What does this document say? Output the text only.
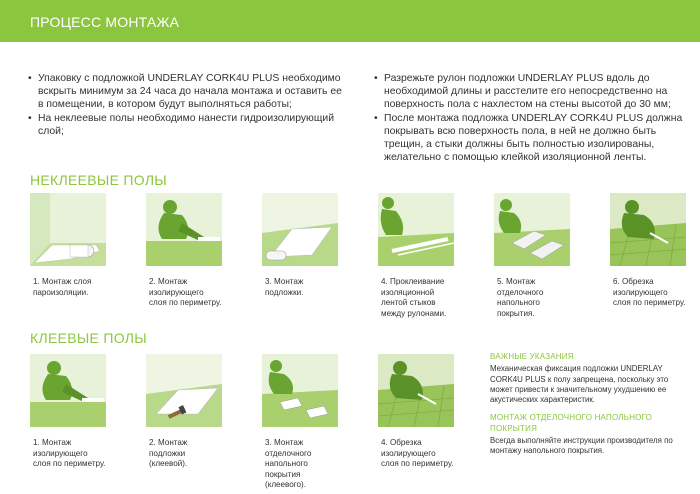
ПРОЦЕСС МОНТАЖА
• Упаковку с подложкой UNDERLAY CORK4U PLUS необходимо вскрыть минимум за 24 часа до начала монтажа и оставить ее в помещении, в котором будут выполняться работы;
• На неклеевые полы необходимо нанести гидроизолирующий слой;
• Разрежьте рулон подложки UNDERLAY PLUS вдоль до необходимой длины и расстелите его непосредственно на поверхность пола с нахлестом на стены высотой до 30 мм;
• После монтажа подложка UNDERLAY CORK4U PLUS должна покрывать всю поверхность пола, в ней не должно быть трещин, а стыки должны быть полностью изолированы, желательно с помощью клейкой изоляционной ленты.
НЕКЛЕЕВЫЕ ПОЛЫ
1. Монтаж слоя пароизоляции.
2. Монтаж изолирующего слоя по периметру.
3. Монтаж подложки.
4. Проклеивание изоляционной лентой стыков между рулонами.
5. Монтаж отделочного напольного покрытия.
6. Обрезка изолирующего слоя по периметру.
КЛЕЕВЫЕ ПОЛЫ
1. Монтаж изолирующего слоя по периметру.
2. Монтаж подложки (клеевой).
3. Монтаж отделочного напольного покрытия (клеевого).
4. Обрезка изолирующего слоя по периметру.

ВАЖНЫЕ УКАЗАНИЯ

Механическая фиксация подложки UNDERLAY CORK4U PLUS к полу запрещена, поскольку это может привести к значительному ухудшению ее акустических характеристик.

МОНТАЖ ОТДЕЛОЧНОГО НАПОЛЬНОГО ПОКРЫТИЯ

Всегда выполняйте инструкции производителя по монтажу напольного покрытия.
